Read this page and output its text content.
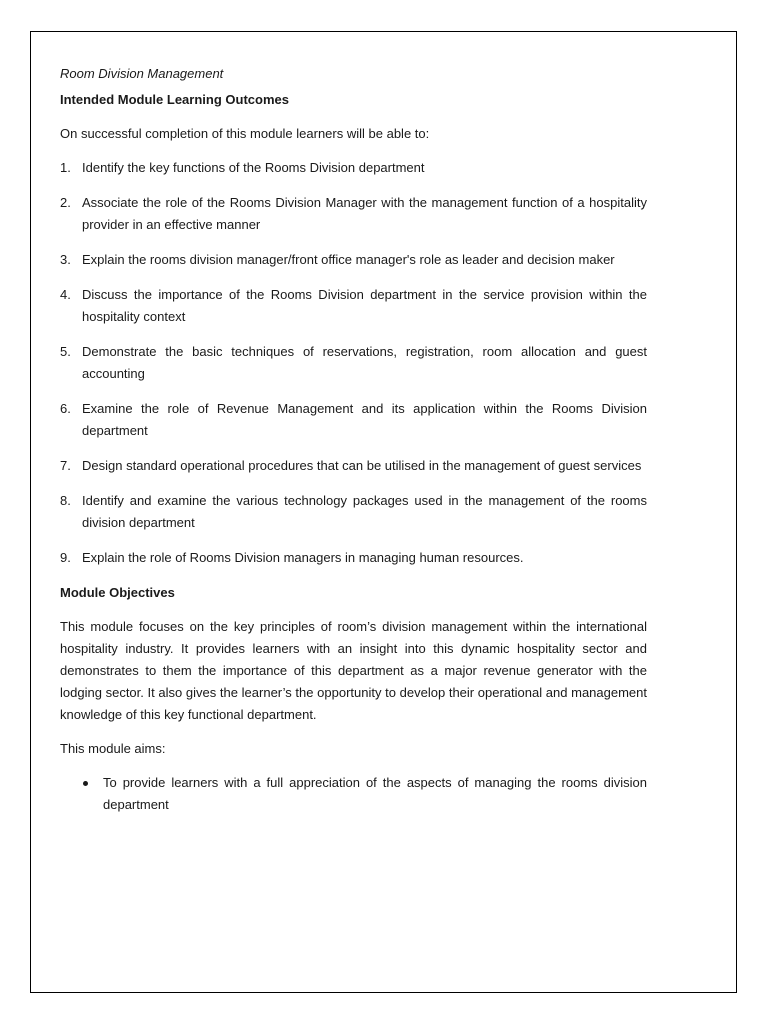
Room Division Management
Intended Module Learning Outcomes
On successful completion of this module learners will be able to:
1. Identify the key functions of the Rooms Division department
2. Associate the role of the Rooms Division Manager with the management function of a hospitality provider in an effective manner
3. Explain the rooms division manager/front office manager's role as leader and decision maker
4. Discuss the importance of the Rooms Division department in the service provision within the hospitality context
5. Demonstrate the basic techniques of reservations, registration, room allocation and guest accounting
6. Examine the role of Revenue Management and its application within the Rooms Division department
7. Design standard operational procedures that can be utilised in the management of guest services
8. Identify and examine the various technology packages used in the management of the rooms division department
9. Explain the role of Rooms Division managers in managing human resources.
Module Objectives
This module focuses on the key principles of room’s division management within the international hospitality industry. It provides learners with an insight into this dynamic hospitality sector and demonstrates to them the importance of this department as a major revenue generator with the lodging sector. It also gives the learner’s the opportunity to develop their operational and management knowledge of this key functional department.
This module aims:
To provide learners with a full appreciation of the aspects of managing the rooms division department
